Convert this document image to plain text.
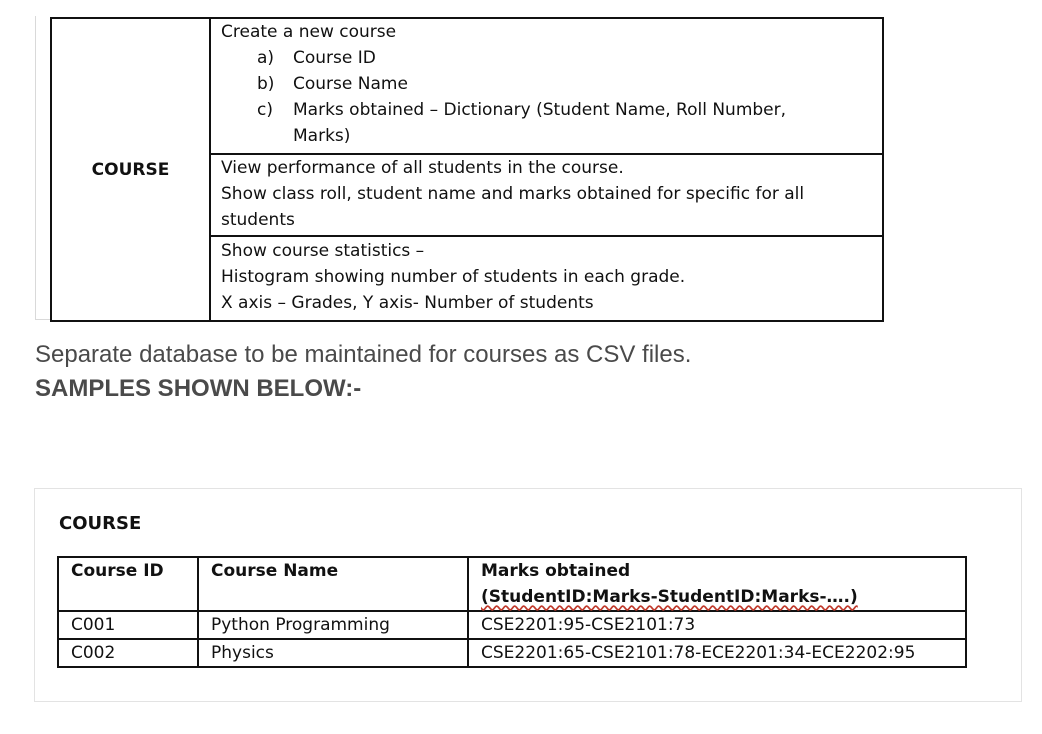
COURSE	
Create a new course
a)	Course ID
b)	Course Name
c)	Marks obtained – Dictionary (Student Name, Roll Number, Marks)

View performance of all students in the course.
Show class roll, student name and marks obtained for specific for all students

Show course statistics –
Histogram showing number of students in each grade.
X axis – Grades, Y axis- Number of students
Separate database to be maintained for courses as CSV files.
SAMPLES SHOWN BELOW:-
COURSE
Course ID	Course Name	Marks obtained
(StudentID:Marks-StudentID:Marks-….)

C001	Python Programming	CSE2201:95-CSE2101:73
C002	Physics	CSE2201:65-CSE2101:78-ECE2201:34-ECE2202:95
